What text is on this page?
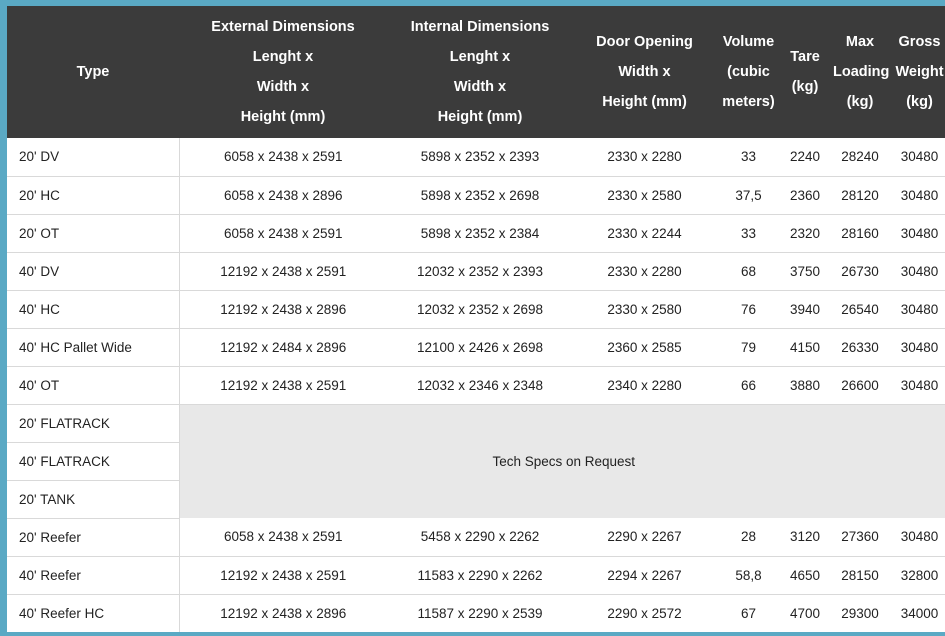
Type	External Dimensions
Lenght x
Width x
Height (mm)	Internal Dimensions
Lenght x
Width x
Height (mm)	Door Opening
Width x
Height (mm)	Volume
(cubic
meters)	Tare
(kg)	Max
Loading
(kg)	Gross
Weight
(kg)

20' DV	6058 x 2438 x 2591	5898 x 2352 x 2393	2330 x 2280	33	2240	28240	30480
20' HC	6058 x 2438 x 2896	5898 x 2352 x 2698	2330 x 2580	37,5	2360	28120	30480
20' OT	6058 x 2438 x 2591	5898 x 2352 x 2384	2330 x 2244	33	2320	28160	30480
40' DV	12192 x 2438 x 2591	12032 x 2352 x 2393	2330 x 2280	68	3750	26730	30480
40' HC	12192 x 2438 x 2896	12032 x 2352 x 2698	2330 x 2580	76	3940	26540	30480
40' HC Pallet Wide	12192 x 2484 x 2896	12100 x 2426 x 2698	2360 x 2585	79	4150	26330	30480
40' OT	12192 x 2438 x 2591	12032 x 2346 x 2348	2340 x 2280	66	3880	26600	30480
20' FLATRACK	Tech Specs on Request						
40' FLATRACK							
20' TANK							
20' Reefer	6058 x 2438 x 2591	5458 x 2290 x 2262	2290 x 2267	28	3120	27360	30480
40' Reefer	12192 x 2438 x 2591	11583 x 2290 x 2262	2294 x 2267	58,8	4650	28150	32800
40' Reefer HC	12192 x 2438 x 2896	11587 x 2290 x 2539	2290 x 2572	67	4700	29300	34000
